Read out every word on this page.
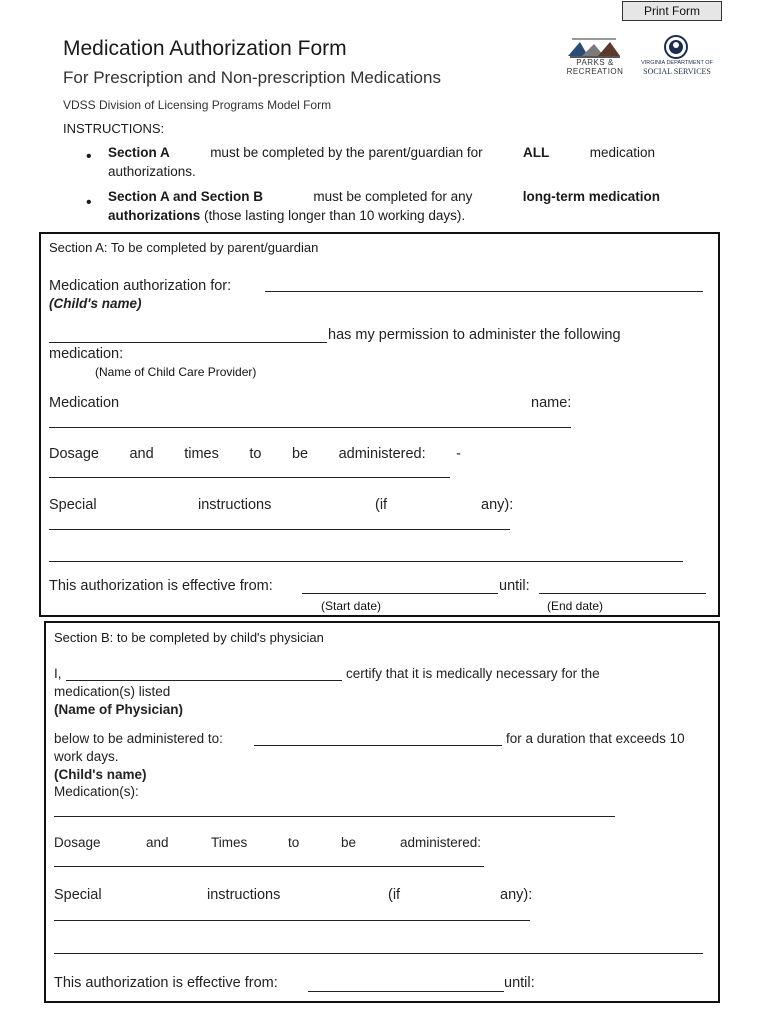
Print Form
Medication Authorization Form
For Prescription and Non-prescription Medications
VDSS Division of Licensing Programs Model Form
PARKS &
RECREATION
VIRGINIA DEPARTMENT OF
SOCIAL SERVICES
INSTRUCTIONS:
• Section A	must be completed by the parent/guardian for	ALL	medication
authorizations.
• Section A and Section B	must be completed for any	long-term medication
authorizations (those lasting longer than 10 working days).
Section A: To be completed by parent/guardian
Medication authorization for:
(Child's name)
has my permission to administer the following
medication:
(Name of Child Care Provider)
Medication	name:
Dosage and times to be administered: -
Special	instructions	(if	any):
This authorization is effective from:	until:
(Start date)	(End date)
Section B: to be completed by child's physician
I,	certify that it is medically necessary for the
medication(s) listed
(Name of Physician)
below to be administered to:	for a duration that exceeds 10
work days.
(Child's name)
Medication(s):
Dosage	and	Times	to	be	administered:
Special	instructions	(if	any):
This authorization is effective from:	until:
